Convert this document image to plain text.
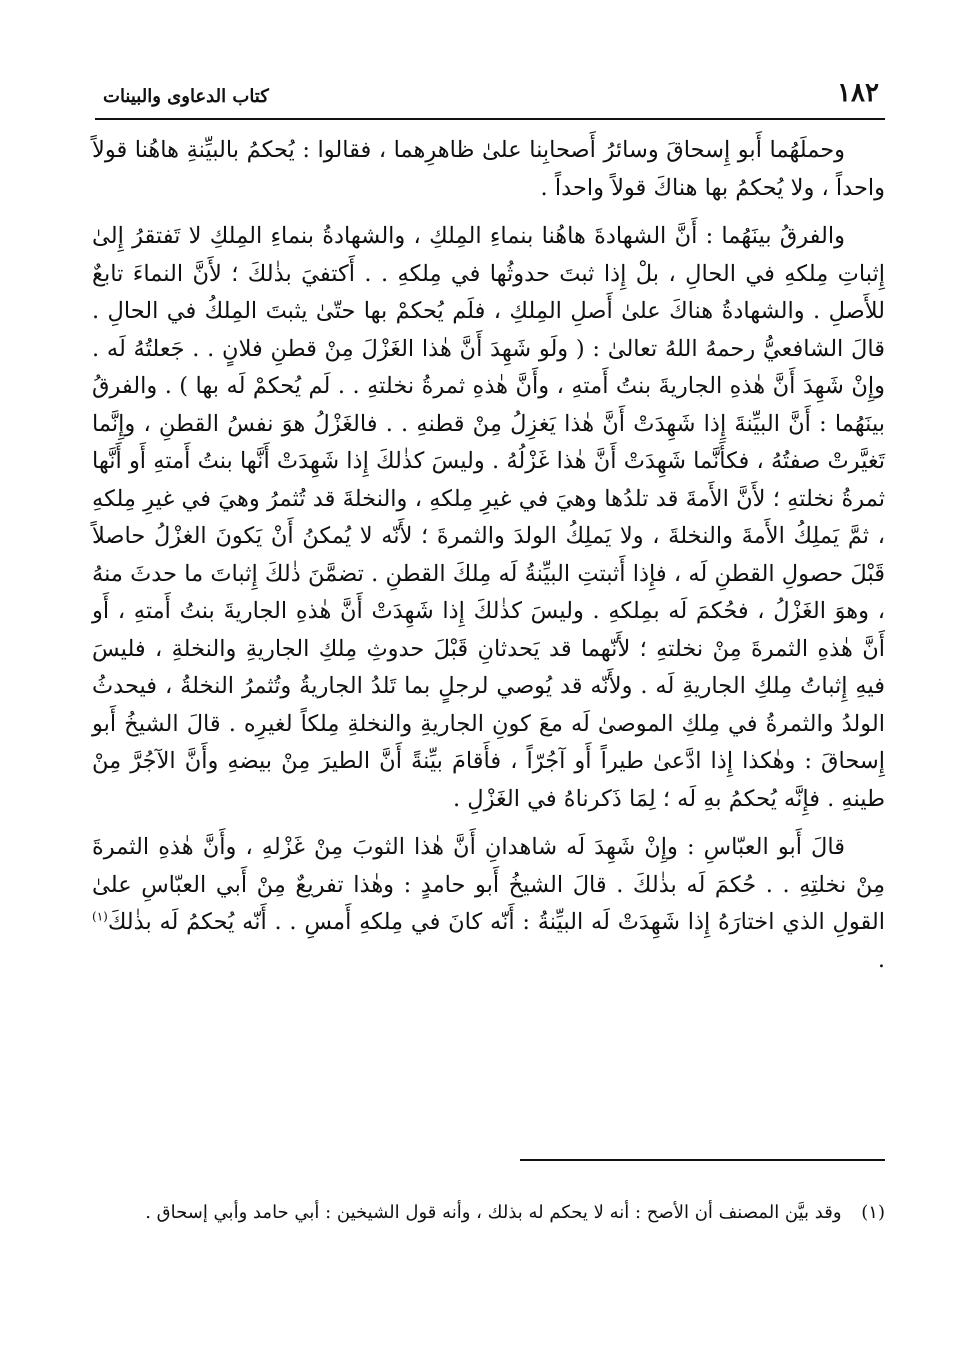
١٨٢
كتاب الدعاوى والبينات

وحملَهُما أَبو إِسحاقَ وسائرُ أَصحابِنا علىٰ ظاهرِهما ، فقالوا : يُحكمُ بالبيِّنةِ هاهُنا قولاً واحداً ، ولا يُحكمُ بها هناكَ قولاً واحداً .

والفرقُ بينَهُما : أَنَّ الشهادةَ هاهُنا بنماءِ المِلكِ ، والشهادةُ بنماءِ المِلكِ لا تَفتقرُ إِلىٰ إِثباتِ مِلكهِ في الحالِ ، بلْ إِذا ثبتَ حدوثُها في مِلكهِ . . أَكتفيَ بذٰلكَ ؛ لأَنَّ النماءَ تابعٌ للأَصلِ . والشهادةُ هناكَ علىٰ أَصلِ المِلكِ ، فلَم يُحكمْ بها حتّىٰ يثبتَ المِلكُ في الحالِ . قالَ الشافعيُّ رحمهُ اللهُ تعالىٰ : ( ولَو شَهِدَ أَنَّ هٰذا الغَزْلَ مِنْ قطنِ فلانٍ . . جَعلتُهُ لَه . وإِنْ شَهِدَ أَنَّ هٰذهِ الجاريةَ بنتُ أَمتهِ ، وأَنَّ هٰذهِ ثمرةُ نخلتهِ . . لَم يُحكمْ لَه بها ) . والفرقُ بينَهُما : أَنَّ البيِّنةَ إِذا شَهِدَتْ أَنَّ هٰذا يَغزِلُ مِنْ قطنهِ . . فالغَزْلُ هوَ نفسُ القطنِ ، وإِنَّما تَغيَّرتْ صفتُهُ ، فكأَنَّما شَهِدَتْ أَنَّ هٰذا غَزْلُهُ . وليسَ كذٰلكَ إِذا شَهِدَتْ أَنَّها بنتُ أَمتهِ أَو أَنَّها ثمرةُ نخلتهِ ؛ لأَنَّ الأَمةَ قد تلدُها وهيَ في غيرِ مِلكهِ ، والنخلةَ قد تُثمرُ وهيَ في غيرِ مِلكهِ ، ثمَّ يَملِكُ الأَمةَ والنخلةَ ، ولا يَملِكُ الولدَ والثمرةَ ؛ لأَنّه لا يُمكنُ أَنْ يَكونَ الغزْلُ حاصلاً قَبْلَ حصولِ القطنِ لَه ، فإِذا أَثبتتِ البيِّنةُ لَه مِلكَ القطنِ . تضمَّنَ ذٰلكَ إِثباتَ ما حدثَ منهُ ، وهوَ الغَزْلُ ، فحُكمَ لَه بمِلكهِ . وليسَ كذٰلكَ إِذا شَهِدَتْ أَنَّ هٰذهِ الجاريةَ بنتُ أَمتهِ ، أَو أَنَّ هٰذهِ الثمرةَ مِنْ نخلتهِ ؛ لأَنّهما قد يَحدثانِ قَبْلَ حدوثِ مِلكِ الجاريةِ والنخلةِ ، فليسَ فيهِ إِثباتُ مِلكِ الجاريةِ لَه . ولأَنّه قد يُوصي لرجلٍ بما تَلدُ الجاريةُ وتُثمرُ النخلةُ ، فيحدثُ الولدُ والثمرةُ في مِلكِ الموصىٰ لَه معَ كونِ الجاريةِ والنخلةِ مِلكاً لغيرِه . قالَ الشيخُ أَبو إِسحاقَ : وهٰكذا إِذا ادَّعىٰ طيراً أَو آجُرّاً ، فأَقامَ بيِّنةً أَنَّ الطيرَ مِنْ بيضهِ وأَنَّ الآجُرَّ مِنْ طينهِ . فإِنَّه يُحكمُ بهِ لَه ؛ لِمَا ذَكرناهُ في الغَزْلِ .

قالَ أَبو العبّاسِ : وإِنْ شَهِدَ لَه شاهدانِ أَنَّ هٰذا الثوبَ مِنْ غَزْلهِ ، وأَنَّ هٰذهِ الثمرةَ مِنْ نخلتِهِ . . حُكمَ لَه بذٰلكَ . قالَ الشيخُ أَبو حامدٍ : وهٰذا تفريعٌ مِنْ أَبي العبّاسِ علىٰ القولِ الذي اختارَهُ إِذا شَهِدَتْ لَه البيِّنةُ : أَنّه كانَ في مِلكهِ أَمسِ . . أَنّه يُحكمُ لَه بذٰلكَ$^{(١)}$ .

(١) وقد بيَّن المصنف أن الأصح : أنه لا يحكم له بذلك ، وأنه قول الشيخين : أبي حامد وأبي إسحاق .
